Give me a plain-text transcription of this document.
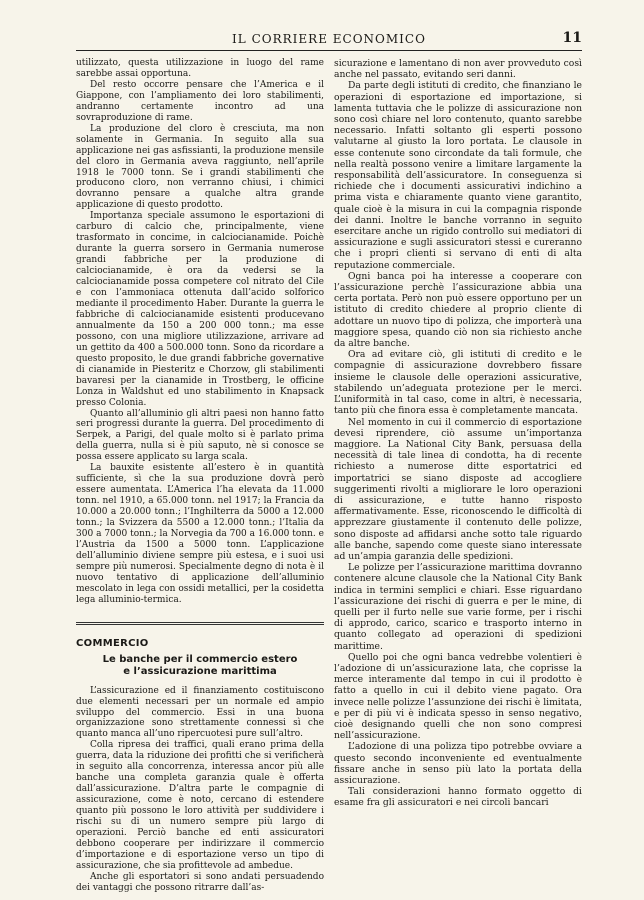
IL CORRIERE ECONOMICO	11

utilizzato, questa utilizzazione in luogo del rame sarebbe assai opportuna.

Del resto occorre pensare che l’America e il Giappone, con l’ampliamento dei loro stabilimenti, andranno certamente incontro ad una sovraproduzione di rame.

La produzione del cloro è cresciuta, ma non solamente in Germania. In seguito alla sua applicazione nei gas asfissianti, la produzione mensile del cloro in Germania aveva raggiunto, nell’aprile 1918 le 7000 tonn. Se i grandi stabilimenti che producono cloro, non verranno chiusi, i chimici dovranno pensare a qualche altra grande applicazione di questo prodotto.

Importanza speciale assumono le esportazioni di carburo di calcio che, principalmente, viene trasformato in concime, in calciocianamide. Poichè durante la guerra sorsero in Germania numerose grandi fabbriche per la produzione di calciocianamide, è ora da vedersi se la calciocianamide possa competere col nitrato del Cile e con l’ammoniaca ottenuta dall’acido solforico mediante il procedimento Haber. Durante la guerra le fabbriche di calciocianamide esistenti producevano annualmente da 150 a 200 000 tonn.; ma esse possono, con una migliore utilizzazione, arrivare ad un gettito da 400 a 500.000 tonn. Sono da ricordare a questo proposito, le due grandi fabbriche governative di cianamide in Piesteritz e Chorzow, gli stabilimenti bavaresi per la cianamide in Trostberg, le officine Lonza in Waldshut ed uno stabilimento in Knapsack presso Colonia.

Quanto all’alluminio gli altri paesi non hanno fatto seri progressi durante la guerra. Del procedimento di Serpek, a Parigi, del quale molto si è parlato prima della guerra, nulla si è più saputo, nè si conosce se possa essere applicato su larga scala.

La bauxite esistente all’estero è in quantità sufficiente, sì che la sua produzione dovrà però essere aumentata. L’America l’ha elevata da 11.000 tonn. nel 1910, a 65.000 tonn. nel 1917; la Francia da 10.000 a 20.000 tonn.; l’Inghilterra da 5000 a 12.000 tonn.; la Svizzera da 5500 a 12.000 tonn.; l’Italia da 300 a 7000 tonn.; la Norvegia da 700 a 16.000 tonn. e l’Austria da 1500 a 5000 tonn. L’applicazione dell’alluminio diviene sempre più estesa, e i suoi usi sempre più numerosi. Specialmente degno di nota è il nuovo tentativo di applicazione dell’alluminio mescolato in lega con ossidi metallici, per la cosidetta lega alluminio-termica.

COMMERCIO
Le banche per il commercio estero
e l’assicurazione marittima

L’assicurazione ed il finanziamento costituiscono due elementi necessari per un normale ed ampio sviluppo del commercio. Essi in una buona organizzazione sono strettamente connessi sì che quanto manca all’uno ripercuotesi pure sull’altro.

Colla ripresa dei traffici, quali erano prima della guerra, data la riduzione dei profitti che si verificherà in seguito alla concorrenza, interessa ancor più alle banche una completa garanzia quale è offerta dall’assicurazione. D’altra parte le compagnie di assicurazione, come è noto, cercano di estendere quanto più possono le loro attività per suddividere i rischi su di un numero sempre più largo di operazioni. Perciò banche ed enti assicuratori debbono cooperare per indirizzare il commercio d’importazione e di esportazione verso un tipo di assicurazione, che sia profittevole ad ambedue.

Anche gli esportatori si sono andati persuadendo dei vantaggi che possono ritrarre dall’as-

sicurazione e lamentano di non aver provveduto così anche nel passato, evitando seri danni.

Da parte degli istituti di credito, che finanziano le operazioni di esportazione ed importazione, si lamenta tuttavia che le polizze di assicurazione non sono così chiare nel loro contenuto, quanto sarebbe necessario. Infatti soltanto gli esperti possono valutarne al giusto la loro portata. Le clausole in esse contenute sono circondate da tali formule, che nella realtà possono venire a limitare largamente la responsabilità dell’assicuratore. In conseguenza si richiede che i documenti assicurativi indichino a prima vista e chiaramente quanto viene garantito, quale cioè è la misura in cui la compagnia risponde dei danni. Inoltre le banche vorranno in seguito esercitare anche un rigido controllo sui mediatori di assicurazione e sugli assicuratori stessi e cureranno che i propri clienti si servano di enti di alta reputazione commerciale.

Ogni banca poi ha interesse a cooperare con l’assicurazione perchè l’assicurazione abbia una certa portata. Però non può essere opportuno per un istituto di credito chiedere al proprio cliente di adottare un nuovo tipo di polizza, che importerà una maggiore spesa, quando ciò non sia richiesto anche da altre banche.

Ora ad evitare ciò, gli istituti di credito e le compagnie di assicurazione dovrebbero fissare insieme le clausole delle operazioni assicurative, stabilendo un’adeguata protezione per le merci. L’uniformità in tal caso, come in altri, è necessaria, tanto più che finora essa è completamente mancata.

Nel momento in cui il commercio di esportazione devesi riprendere, ciò assume un’importanza maggiore. La National City Bank, persuasa della necessità di tale linea di condotta, ha di recente richiesto a numerose ditte esportatrici ed importatrici se siano disposte ad accogliere suggerimenti rivolti a migliorare le loro operazioni di assicurazione, e tutte hanno risposto affermativamente. Esse, riconoscendo le difficoltà di apprezzare giustamente il contenuto delle polizze, sono disposte ad affidarsi anche sotto tale riguardo alle banche, sapendo come queste siano interessate ad un’ampia garanzia delle spedizioni.

Le polizze per l’assicurazione marittima dovranno contenere alcune clausole che la National City Bank indica in termini semplici e chiari. Esse riguardano l’assicurazione dei rischi di guerra e per le mine, di quelli per il furto nelle sue varie forme, per i rischi di approdo, carico, scarico e trasporto interno in quanto collegato ad operazioni di spedizioni marittime.

Quello poi che ogni banca vedrebbe volentieri è l’adozione di un’assicurazione lata, che coprisse la merce interamente dal tempo in cui il prodotto è fatto a quello in cui il debito viene pagato. Ora invece nelle polizze l’assunzione dei rischi è limitata, e per di più vi è indicata spesso in senso negativo, cioè designando quelli che non sono compresi nell’assicurazione.

L’adozione di una polizza tipo potrebbe ovviare a questo secondo inconveniente ed eventualmente fissare anche in senso più lato la portata della assicurazione.

Tali considerazioni hanno formato oggetto di esame fra gli assicuratori e nei circoli bancari
